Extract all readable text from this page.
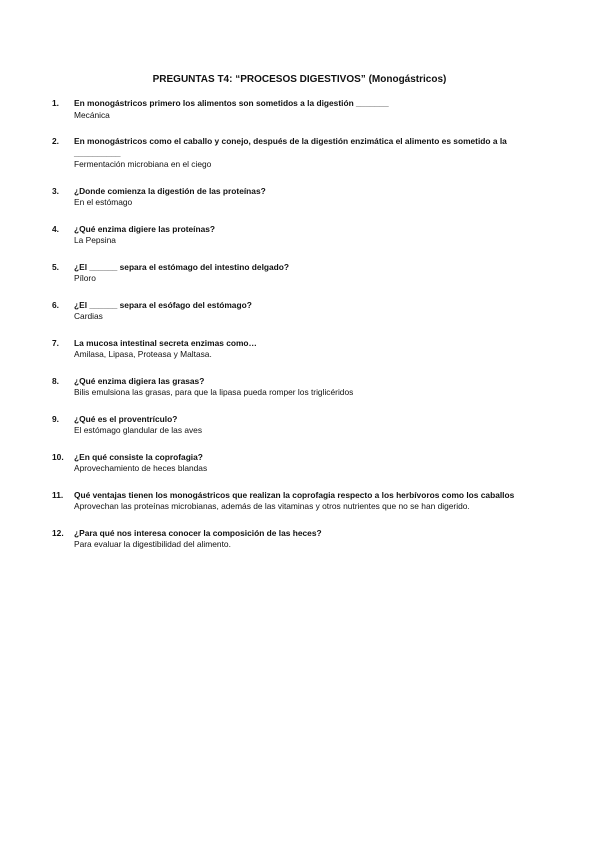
PREGUNTAS T4: “PROCESOS DIGESTIVOS” (Monogástricos)
1.	En monogástricos primero los alimentos son sometidos a la digestión _______
Mecánica
2.	En monogástricos como el caballo y conejo, después de la digestión enzimática el alimento es sometido a la __________
Fermentación microbiana en el ciego
3.	¿Donde comienza la digestión de las proteínas?
En el estómago
4.	¿Qué enzima digiere las proteínas?
La Pepsina
5.	¿El ______ separa el estómago del intestino delgado?
Píloro
6.	¿El ______ separa el esófago del estómago?
Cardias
7.	La mucosa intestinal secreta enzimas como…
Amilasa, Lipasa, Proteasa y Maltasa.
8.	¿Qué enzima digiera las grasas?
Bilis emulsiona las grasas, para que la lipasa pueda romper los triglicéridos
9.	¿Qué es el proventrículo?
El estómago glandular de las aves
10.	¿En qué consiste la coprofagia?
Aprovechamiento de heces blandas
11.	Qué ventajas tienen los monogástricos que realizan la coprofagia respecto a los herbívoros como los caballos
Aprovechan las proteínas microbianas, además de las vitaminas y otros nutrientes que no se han digerido.
12.	¿Para qué nos interesa conocer la composición de las heces?
Para evaluar la digestibilidad del alimento.
